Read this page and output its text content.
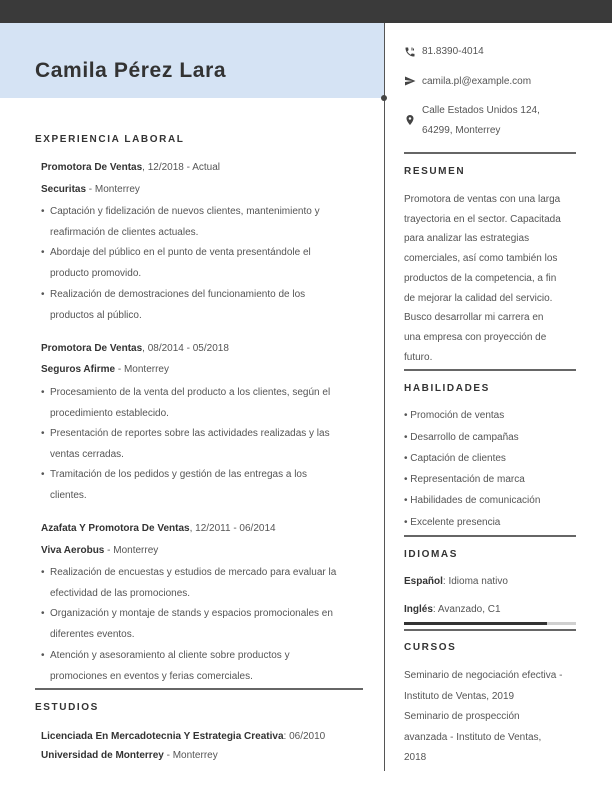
Camila Pérez Lara
EXPERIENCIA LABORAL
Promotora De Ventas, 12/2018 - Actual
Securitas - Monterrey
• Captación y fidelización de nuevos clientes, mantenimiento y
reafirmación de clientes actuales.
• Abordaje del público en el punto de venta presentándole el
producto promovido.
• Realización de demostraciones del funcionamiento de los
productos al público.
Promotora De Ventas, 08/2014 - 05/2018
Seguros Afirme - Monterrey
• Procesamiento de la venta del producto a los clientes, según el
procedimiento establecido.
• Presentación de reportes sobre las actividades realizadas y las
ventas cerradas.
• Tramitación de los pedidos y gestión de las entregas a los
clientes.
Azafata Y Promotora De Ventas, 12/2011 - 06/2014
Viva Aerobus - Monterrey
• Realización de encuestas y estudios de mercado para evaluar la
efectividad de las promociones.
• Organización y montaje de stands y espacios promocionales en
diferentes eventos.
• Atención y asesoramiento al cliente sobre productos y
promociones en eventos y ferias comerciales.
ESTUDIOS
Licenciada En Mercadotecnia Y Estrategia Creativa: 06/2010
Universidad de Monterrey - Monterrey
81.8390-4014
camila.pl@example.com
Calle Estados Unidos 124,
64299, Monterrey
RESUMEN
Promotora de ventas con una larga
trayectoria en el sector. Capacitada
para analizar las estrategias
comerciales, así como también los
productos de la competencia, a fin
de mejorar la calidad del servicio.
Busco desarrollar mi carrera en
una empresa con proyección de
futuro.
HABILIDADES
• Promoción de ventas
• Desarrollo de campañas
• Captación de clientes
• Representación de marca
• Habilidades de comunicación
• Excelente presencia
IDIOMAS
Español: Idioma nativo
Inglés: Avanzado, C1
CURSOS
Seminario de negociación efectiva -
Instituto de Ventas, 2019
Seminario de prospección
avanzada - Instituto de Ventas,
2018
